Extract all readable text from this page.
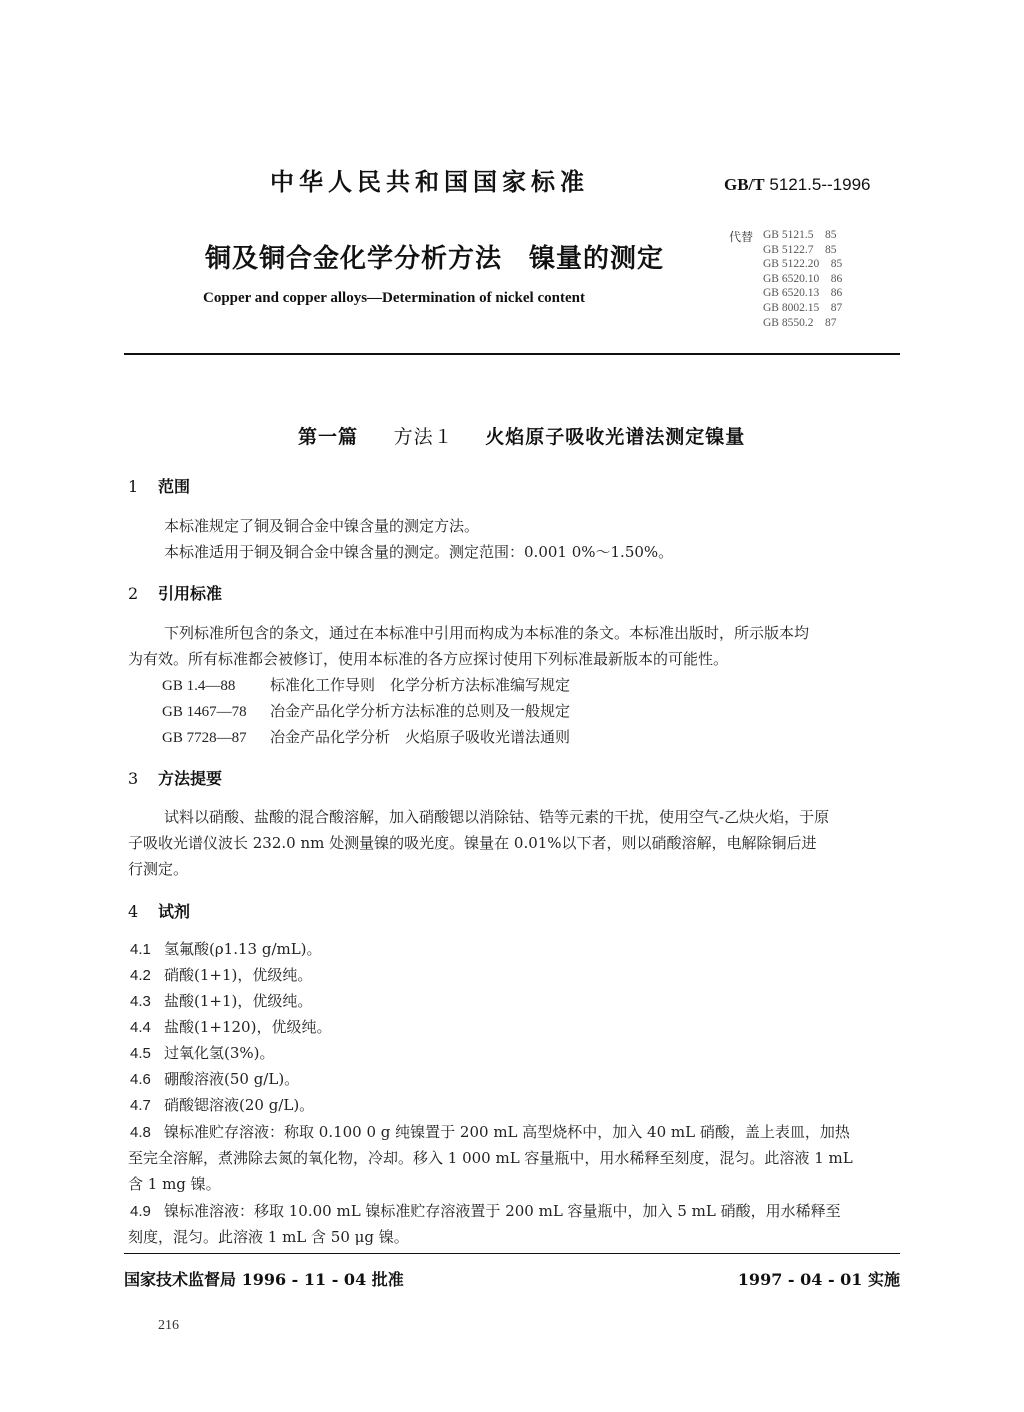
中华人民共和国国家标准	GB/T 5121.5--1996
铜及铜合金化学分析方法　镍量的测定
Copper and copper alloys—Determination of nickel content
代替 GB 5121.5　85
GB 5122.7　85
GB 5122.20　85
GB 6520.10　86
GB 6520.13　86
GB 8002.15　87
GB 8550.2　87
第一篇 方法１ 火焰原子吸收光谱法测定镍量
1 范围
本标准规定了铜及铜合金中镍含量的测定方法。
本标准适用于铜及铜合金中镍含量的测定。测定范围：0.001 0%～1.50%。
2 引用标准
下列标准所包含的条文，通过在本标准中引用而构成为本标准的条文。本标准出版时，所示版本均
为有效。所有标准都会被修订，使用本标准的各方应探讨使用下列标准最新版本的可能性。
GB 1.4—88 标准化工作导则　化学分析方法标准编写规定
GB 1467—78 冶金产品化学分析方法标准的总则及一般规定
GB 7728—87 冶金产品化学分析　火焰原子吸收光谱法通则
3 方法提要
试料以硝酸、盐酸的混合酸溶解，加入硝酸锶以消除钴、锆等元素的干扰，使用空气-乙炔火焰，于原
子吸收光谱仪波长 232.0 nm 处测量镍的吸光度。镍量在 0.01%以下者，则以硝酸溶解，电解除铜后进
行测定。
4 试剂
4.1 氢氟酸(ρ1.13 g/mL)。
4.2 硝酸(1+1)，优级纯。
4.3 盐酸(1+1)，优级纯。
4.4 盐酸(1+120)，优级纯。
4.5 过氧化氢(3%)。
4.6 硼酸溶液(50 g/L)。
4.7 硝酸锶溶液(20 g/L)。
4.8 镍标准贮存溶液：称取 0.100 0 g 纯镍置于 200 mL 高型烧杯中，加入 40 mL 硝酸，盖上表皿，加热
至完全溶解，煮沸除去氮的氧化物，冷却。移入 1 000 mL 容量瓶中，用水稀释至刻度，混匀。此溶液 1 mL
含 1 mg 镍。
4.9 镍标准溶液：移取 10.00 mL 镍标准贮存溶液置于 200 mL 容量瓶中，加入 5 mL 硝酸，用水稀释至
刻度，混匀。此溶液 1 mL 含 50 μg 镍。
国家技术监督局 1996 - 11 - 04 批准	1997 - 04 - 01 实施
216
